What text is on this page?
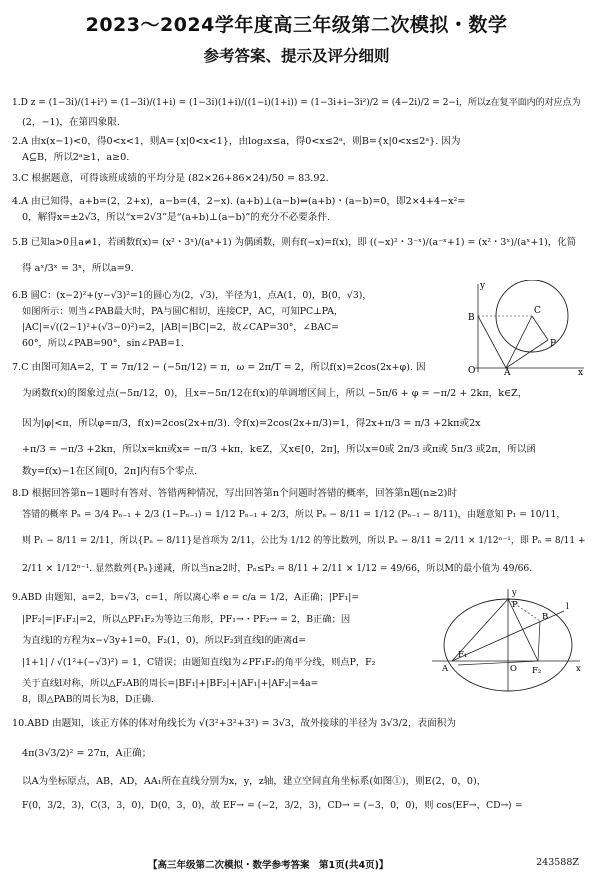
2023～2024学年度高三年级第二次模拟・数学
参考答案、提示及评分细则
1.D z = (1−3i)/(1+i²) = (1−3i)/(1+i) = (1−3i)(1+i)/((1−i)(1+i)) = (1−3i+i−3i²)/2 = (4−2i)/2 = 2−i，所以z在复平面内的对应点为
(2，−1)，在第四象限.
2.A 由x(x−1)<0，得0<x<1，则A={x|0<x<1}，由log₂x≤a，得0<x≤2ᵃ，则B={x|0<x≤2ᵃ}. 因为
A⊆B，所以2ᵃ≥1，a≥0.
3.C 根据题意，可得该班成绩的平均分是 (82×26+86×24)/50 = 83.92.
4.A 由已知得，a+b=(2，2+x)，a−b=(4，2−x). (a+b)⊥(a−b)⇔(a+b)・(a−b)=0，即2×4+4−x²=
0，解得x=±2√3，所以“x=2√3”是“(a+b)⊥(a−b)”的充分不必要条件.
5.B 已知a>0且a≠1，若函数f(x)= (x²・3ˣ)/(aˣ+1) 为偶函数，则有f(−x)=f(x)，即 ((−x)²・3⁻ˣ)/(a⁻ˣ+1) = (x²・3ˣ)/(aˣ+1)，化简
得 aˣ/3ˣ = 3ˣ，所以a=9.
6.B 圆C：(x−2)²+(y−√3)²=1的圆心为(2，√3)，半径为1，点A(1，0)，B(0，√3)，
如图所示：则当∠PAB最大时，PA与圆C相切，连接CP，AC，可知PC⊥PA，
|AC|=√((2−1)²+(√3−0)²)=2，|AB|=|BC|=2，故∠CAP=30°，∠BAC=
60°，所以∠PAB=90°，sin∠PAB=1.
B
C
P
O	A	x
y
7.C 由图可知A=2，T = 7π/12 − (−5π/12) = π，ω = 2π/T = 2，所以f(x)=2cos(2x+φ). 因
为函数f(x)的图象过点(−5π/12，0)，且x=−5π/12在f(x)的单调增区间上，所以 −5π/6 + φ = −π/2 + 2kπ，k∈Z，
因为|φ|<π，所以φ=π/3，f(x)=2cos(2x+π/3). 令f(x)=2cos(2x+π/3)=1，得2x+π/3 = π/3 +2kπ或2x
+π/3 = −π/3 +2kπ，所以x=kπ或x= −π/3 +kπ，k∈Z，又x∈[0，2π]，所以x=0或 2π/3 或π或 5π/3 或2π，所以函
数y=f(x)−1在区间[0，2π]内有5个零点.
8.D 根据回答第n−1题时有答对、答错两种情况，写出回答第n个问题时答错的概率，回答第n题(n≥2)时
答错的概率 Pₙ = 3/4 Pₙ₋₁ + 2/3 (1−Pₙ₋₁) = 1/12 Pₙ₋₁ + 2/3，所以 Pₙ − 8/11 = 1/12 (Pₙ₋₁ − 8/11)，由题意知 P₁ = 10/11，
则 P₁ − 8/11 = 2/11，所以{Pₙ − 8/11}是首项为 2/11，公比为 1/12 的等比数列，所以 Pₙ − 8/11 = 2/11 × 1/12ⁿ⁻¹，即 Pₙ = 8/11 +
2/11 × 1/12ⁿ⁻¹. 显然数列{Pₙ}递减，所以当n≥2时，Pₙ≤P₂ = 8/11 + 2/11 × 1/12 = 49/66，所以M的最小值为 49/66.
9.ABD 由题知，a=2，b=√3，c=1，所以离心率 e = c/a = 1/2，A正确；|PF₁|=
|PF₂|=|F₁F₂|=2，所以△PF₁F₂为等边三角形，PF₁→・PF₂→ = 2，B正确；因
为直线l的方程为x−√3y+1=0，F₂(1，0)，所以F₂到直线l的距离d=
|1+1| / √(1²+(−√3)²) = 1，C错误；由题知直线l为∠PF₁F₂的角平分线，则点P，F₂
关于直线l对称，所以△F₂AB的周长=|BF₁|+|BF₂|+|AF₁|+|AF₂|=4a=
8，即△PAB的周长为8，D正确.
y
P
B
l
A
F₁
O F₂	x
10.ABD 由题知，该正方体的体对角线长为 √(3²+3²+3²) = 3√3，故外接球的半径为 3√3/2，表面积为
4π(3√3/2)² = 27π，A正确；
以A为坐标原点，AB，AD，AA₁所在直线分别为x，y，z轴，建立空间直角坐标系(如图①)，则E(2，0，0)，
F(0，3/2，3)，C(3，3，0)，D(0，3，0)，故 EF→ = (−2，3/2，3)，CD→ = (−3，0，0)，则 cos⟨EF→，CD→⟩ =
【高三年级第二次模拟・数学参考答案　第1页(共4页)】	243588Z
